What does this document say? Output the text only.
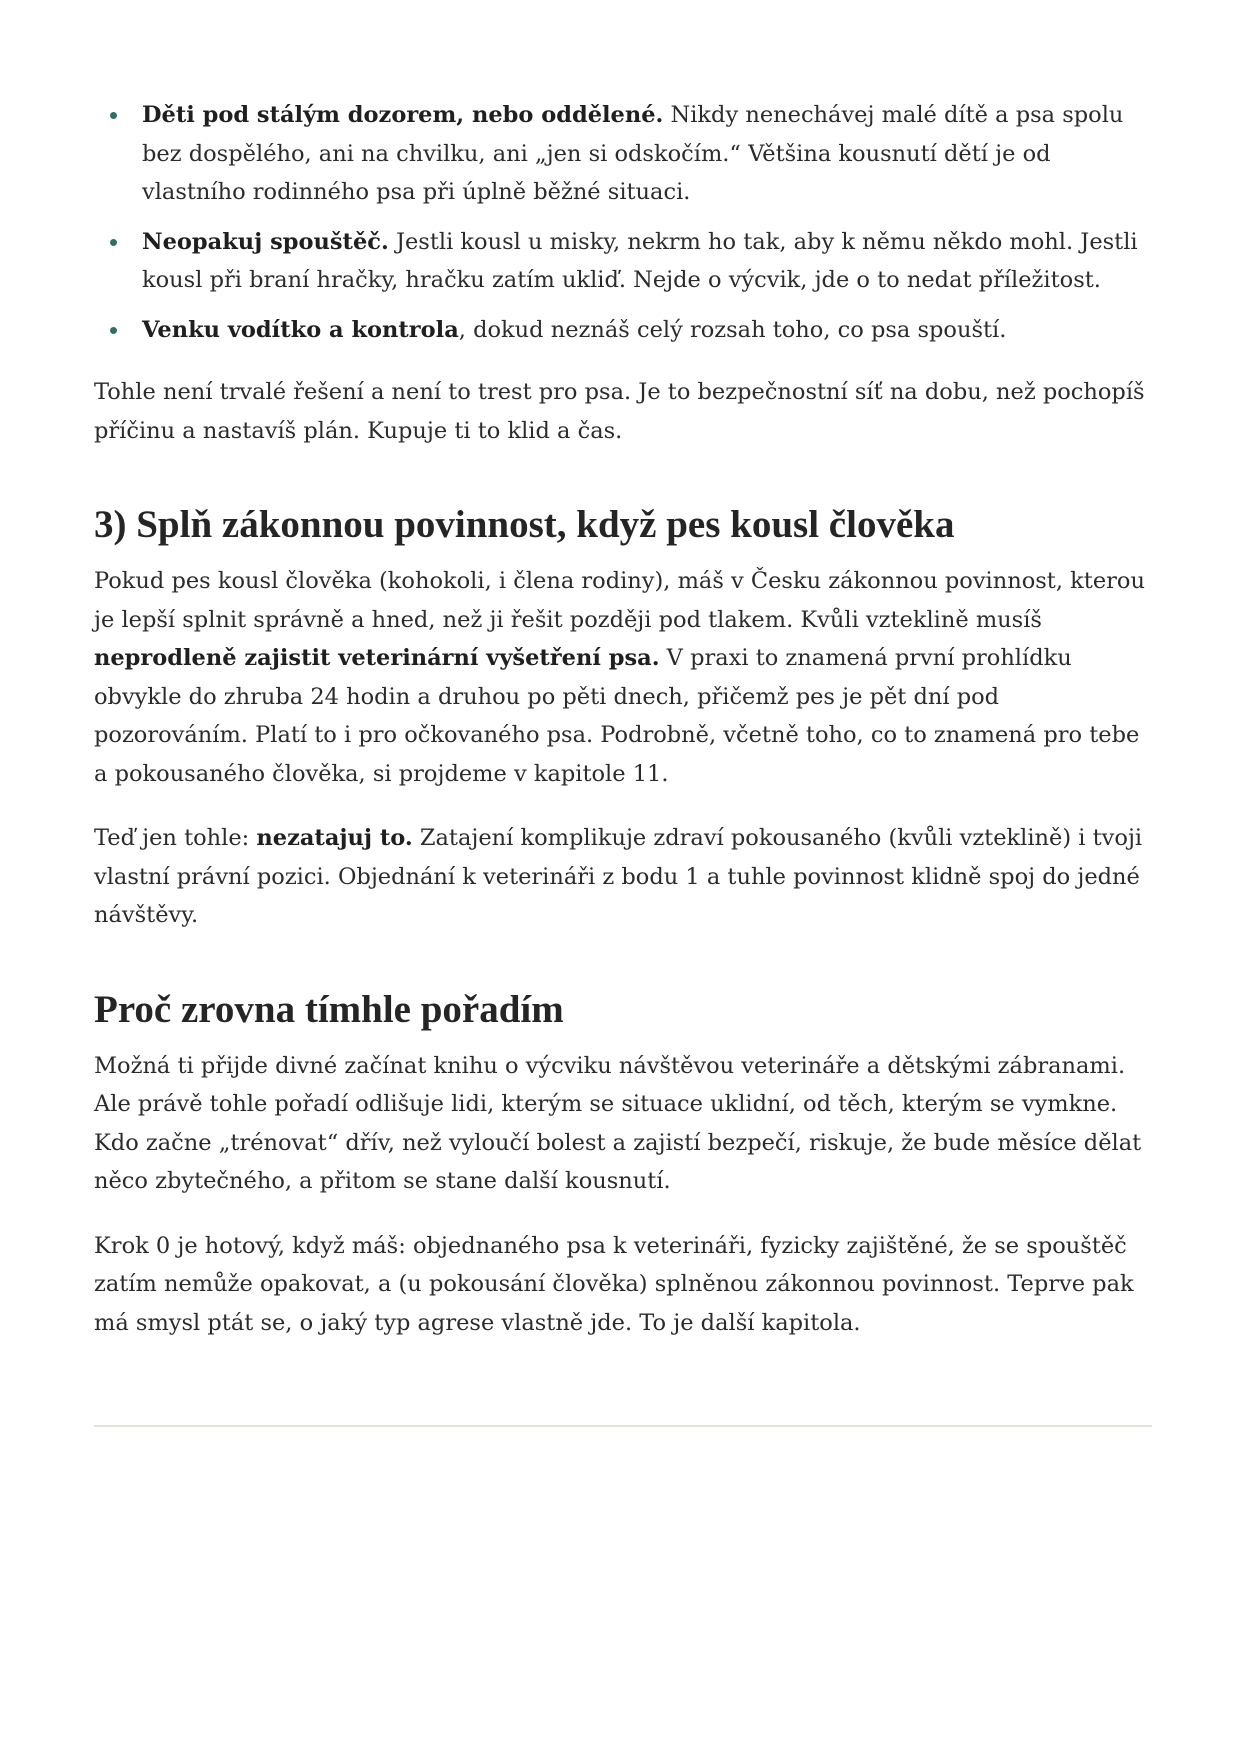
Děti pod stálým dozorem, nebo oddělené. Nikdy nenechávej malé dítě a psa spolu bez dospělého, ani na chvilku, ani „jen si odskočím.“ Většina kousnutí dětí je od vlastního rodinného psa při úplně běžné situaci.
Neopakuj spouštěč. Jestli kousl u misky, nekrm ho tak, aby k němu někdo mohl. Jestli kousl při braní hračky, hračku zatím ukliď. Nejde o výcvik, jde o to nedat příležitost.
Venku vodítko a kontrola, dokud neznáš celý rozsah toho, co psa spouští.

Tohle není trvalé řešení a není to trest pro psa. Je to bezpečnostní síť na dobu, než pochopíš příčinu a nastavíš plán. Kupuje ti to klid a čas.

3) Splň zákonnou povinnost, když pes kousl člověka

Pokud pes kousl člověka (kohokoli, i člena rodiny), máš v Česku zákonnou povinnost, kterou je lepší splnit správně a hned, než ji řešit později pod tlakem. Kvůli vzteklině musíš neprodleně zajistit veterinární vyšetření psa. V praxi to znamená první prohlídku obvykle do zhruba 24 hodin a druhou po pěti dnech, přičemž pes je pět dní pod pozorováním. Platí to i pro očkovaného psa. Podrobně, včetně toho, co to znamená pro tebe a pokousaného člověka, si projdeme v kapitole 11.

Teď jen tohle: nezatajuj to. Zatajení komplikuje zdraví pokousaného (kvůli vzteklině) i tvoji vlastní právní pozici. Objednání k veterináři z bodu 1 a tuhle povinnost klidně spoj do jedné návštěvy.

Proč zrovna tímhle pořadím

Možná ti přijde divné začínat knihu o výcviku návštěvou veterináře a dětskými zábranami. Ale právě tohle pořadí odlišuje lidi, kterým se situace uklidní, od těch, kterým se vymkne. Kdo začne „trénovat“ dřív, než vyloučí bolest a zajistí bezpečí, riskuje, že bude měsíce dělat něco zbytečného, a přitom se stane další kousnutí.

Krok 0 je hotový, když máš: objednaného psa k veterináři, fyzicky zajištěné, že se spouštěč zatím nemůže opakovat, a (u pokousání člověka) splněnou zákonnou povinnost. Teprve pak má smysl ptát se, o jaký typ agrese vlastně jde. To je další kapitola.
